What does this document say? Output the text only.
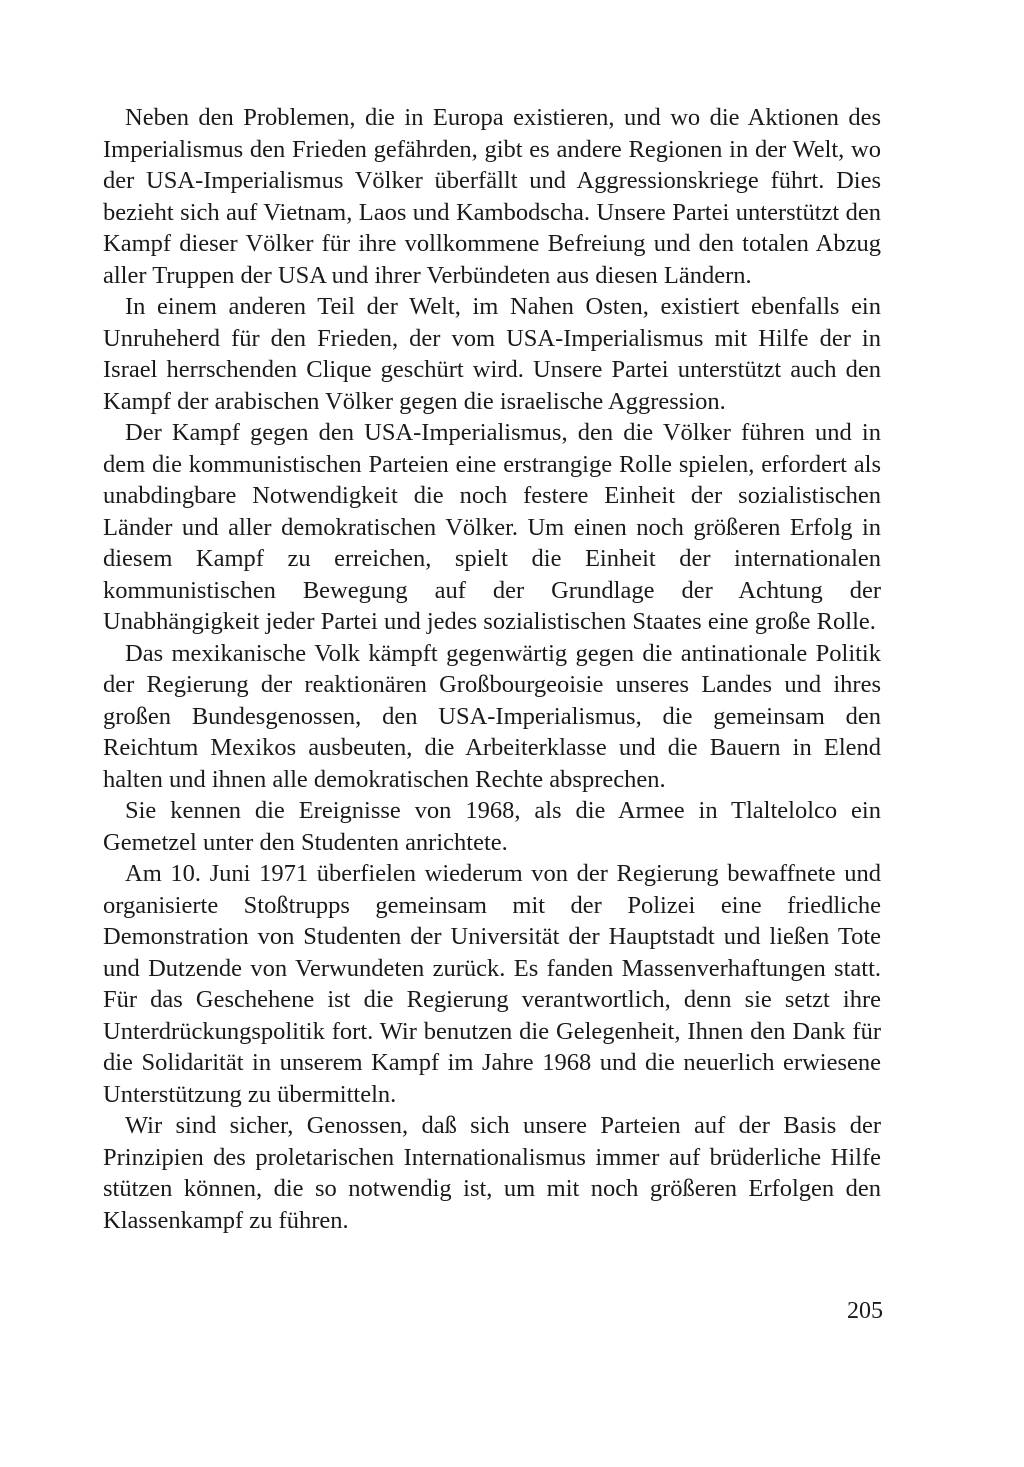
Neben den Problemen, die in Europa existieren, und wo die Aktionen des Imperialismus den Frieden gefährden, gibt es andere Regionen in der Welt, wo der USA-Imperialismus Völker überfällt und Aggressionskriege führt. Dies bezieht sich auf Vietnam, Laos und Kambodscha. Unsere Partei unterstützt den Kampf dieser Völker für ihre vollkommene Befreiung und den totalen Abzug aller Truppen der USA und ihrer Verbündeten aus diesen Ländern.

In einem anderen Teil der Welt, im Nahen Osten, existiert ebenfalls ein Unruheherd für den Frieden, der vom USA-Imperialismus mit Hilfe der in Israel herrschenden Clique geschürt wird. Unsere Partei unterstützt auch den Kampf der arabischen Völker gegen die israelische Aggression.

Der Kampf gegen den USA-Imperialismus, den die Völker führen und in dem die kommunistischen Parteien eine erstrangige Rolle spielen, erfordert als unabdingbare Notwendigkeit die noch festere Einheit der sozialistischen Länder und aller demokratischen Völker. Um einen noch größeren Erfolg in diesem Kampf zu erreichen, spielt die Einheit der internationalen kommunistischen Bewegung auf der Grundlage der Achtung der Unabhängigkeit jeder Partei und jedes sozialistischen Staates eine große Rolle.

Das mexikanische Volk kämpft gegenwärtig gegen die antinationale Politik der Regierung der reaktionären Großbourgeoisie unseres Landes und ihres großen Bundesgenossen, den USA-Imperialismus, die gemeinsam den Reichtum Mexikos ausbeuten, die Arbeiterklasse und die Bauern in Elend halten und ihnen alle demokratischen Rechte absprechen.

Sie kennen die Ereignisse von 1968, als die Armee in Tlaltelolco ein Gemetzel unter den Studenten anrichtete.

Am 10. Juni 1971 überfielen wiederum von der Regierung bewaffnete und organisierte Stoßtrupps gemeinsam mit der Polizei eine friedliche Demonstration von Studenten der Universität der Hauptstadt und ließen Tote und Dutzende von Verwundeten zurück. Es fanden Massenverhaftungen statt. Für das Geschehene ist die Regierung verantwortlich, denn sie setzt ihre Unterdrückungspolitik fort. Wir benutzen die Gelegenheit, Ihnen den Dank für die Solidarität in unserem Kampf im Jahre 1968 und die neuerlich erwiesene Unterstützung zu übermitteln.

Wir sind sicher, Genossen, daß sich unsere Parteien auf der Basis der Prinzipien des proletarischen Internationalismus immer auf brüderliche Hilfe stützen können, die so notwendig ist, um mit noch größeren Erfolgen den Klassenkampf zu führen.

205
